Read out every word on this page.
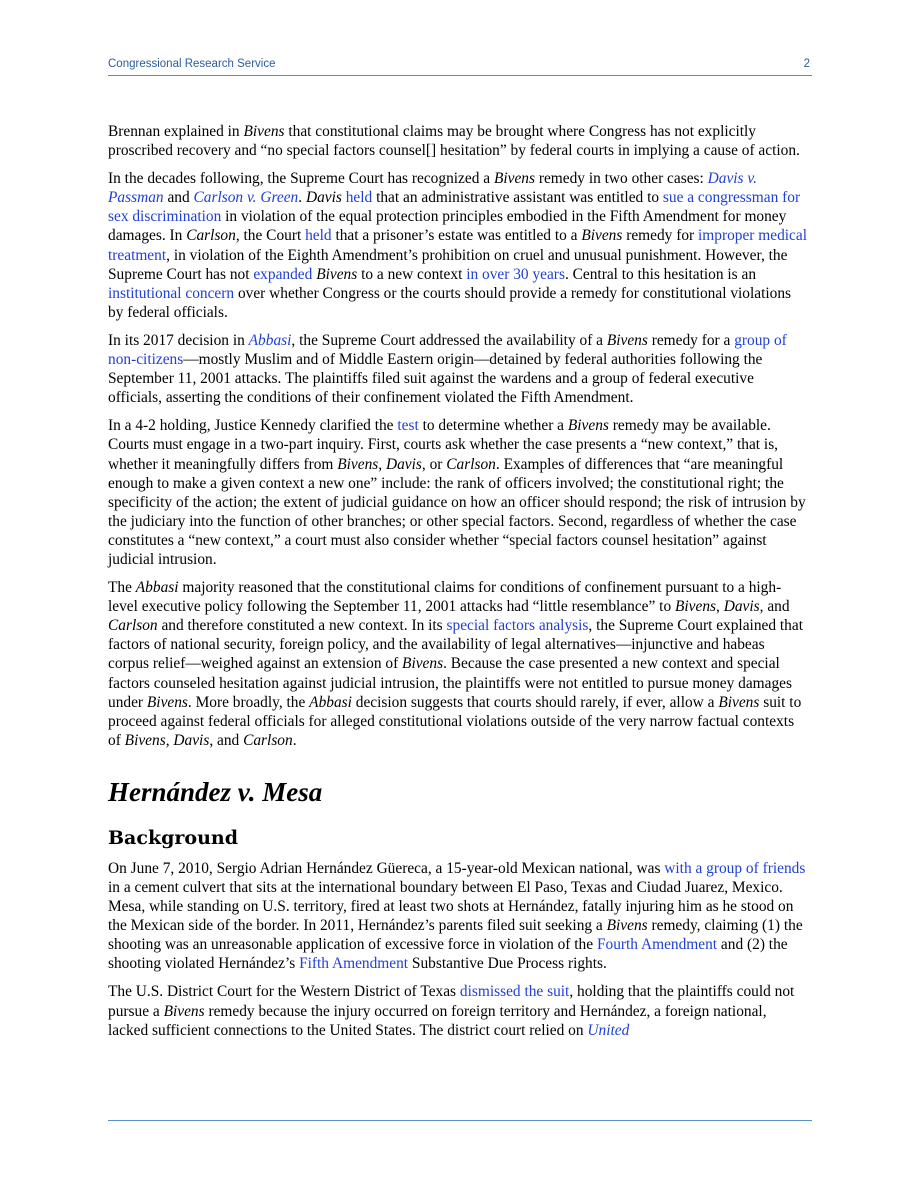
Congressional Research Service	2

Brennan explained in Bivens that constitutional claims may be brought where Congress has not explicitly proscribed recovery and “no special factors counsel[] hesitation” by federal courts in implying a cause of action.

In the decades following, the Supreme Court has recognized a Bivens remedy in two other cases: Davis v. Passman and Carlson v. Green. Davis held that an administrative assistant was entitled to sue a congressman for sex discrimination in violation of the equal protection principles embodied in the Fifth Amendment for money damages. In Carlson, the Court held that a prisoner’s estate was entitled to a Bivens remedy for improper medical treatment, in violation of the Eighth Amendment’s prohibition on cruel and unusual punishment. However, the Supreme Court has not expanded Bivens to a new context in over 30 years. Central to this hesitation is an institutional concern over whether Congress or the courts should provide a remedy for constitutional violations by federal officials.

In its 2017 decision in Abbasi, the Supreme Court addressed the availability of a Bivens remedy for a group of non-citizens—mostly Muslim and of Middle Eastern origin—detained by federal authorities following the September 11, 2001 attacks. The plaintiffs filed suit against the wardens and a group of federal executive officials, asserting the conditions of their confinement violated the Fifth Amendment.

In a 4-2 holding, Justice Kennedy clarified the test to determine whether a Bivens remedy may be available. Courts must engage in a two-part inquiry. First, courts ask whether the case presents a “new context,” that is, whether it meaningfully differs from Bivens, Davis, or Carlson. Examples of differences that “are meaningful enough to make a given context a new one” include: the rank of officers involved; the constitutional right; the specificity of the action; the extent of judicial guidance on how an officer should respond; the risk of intrusion by the judiciary into the function of other branches; or other special factors. Second, regardless of whether the case constitutes a “new context,” a court must also consider whether “special factors counsel hesitation” against judicial intrusion.

The Abbasi majority reasoned that the constitutional claims for conditions of confinement pursuant to a high-level executive policy following the September 11, 2001 attacks had “little resemblance” to Bivens, Davis, and Carlson and therefore constituted a new context. In its special factors analysis, the Supreme Court explained that factors of national security, foreign policy, and the availability of legal alternatives—injunctive and habeas corpus relief—weighed against an extension of Bivens. Because the case presented a new context and special factors counseled hesitation against judicial intrusion, the plaintiffs were not entitled to pursue money damages under Bivens. More broadly, the Abbasi decision suggests that courts should rarely, if ever, allow a Bivens suit to proceed against federal officials for alleged constitutional violations outside of the very narrow factual contexts of Bivens, Davis, and Carlson.

Hernández v. Mesa
Background

On June 7, 2010, Sergio Adrian Hernández Güereca, a 15-year-old Mexican national, was with a group of friends in a cement culvert that sits at the international boundary between El Paso, Texas and Ciudad Juarez, Mexico. Mesa, while standing on U.S. territory, fired at least two shots at Hernández, fatally injuring him as he stood on the Mexican side of the border. In 2011, Hernández’s parents filed suit seeking a Bivens remedy, claiming (1) the shooting was an unreasonable application of excessive force in violation of the Fourth Amendment and (2) the shooting violated Hernández’s Fifth Amendment Substantive Due Process rights.

The U.S. District Court for the Western District of Texas dismissed the suit, holding that the plaintiffs could not pursue a Bivens remedy because the injury occurred on foreign territory and Hernández, a foreign national, lacked sufficient connections to the United States. The district court relied on United
